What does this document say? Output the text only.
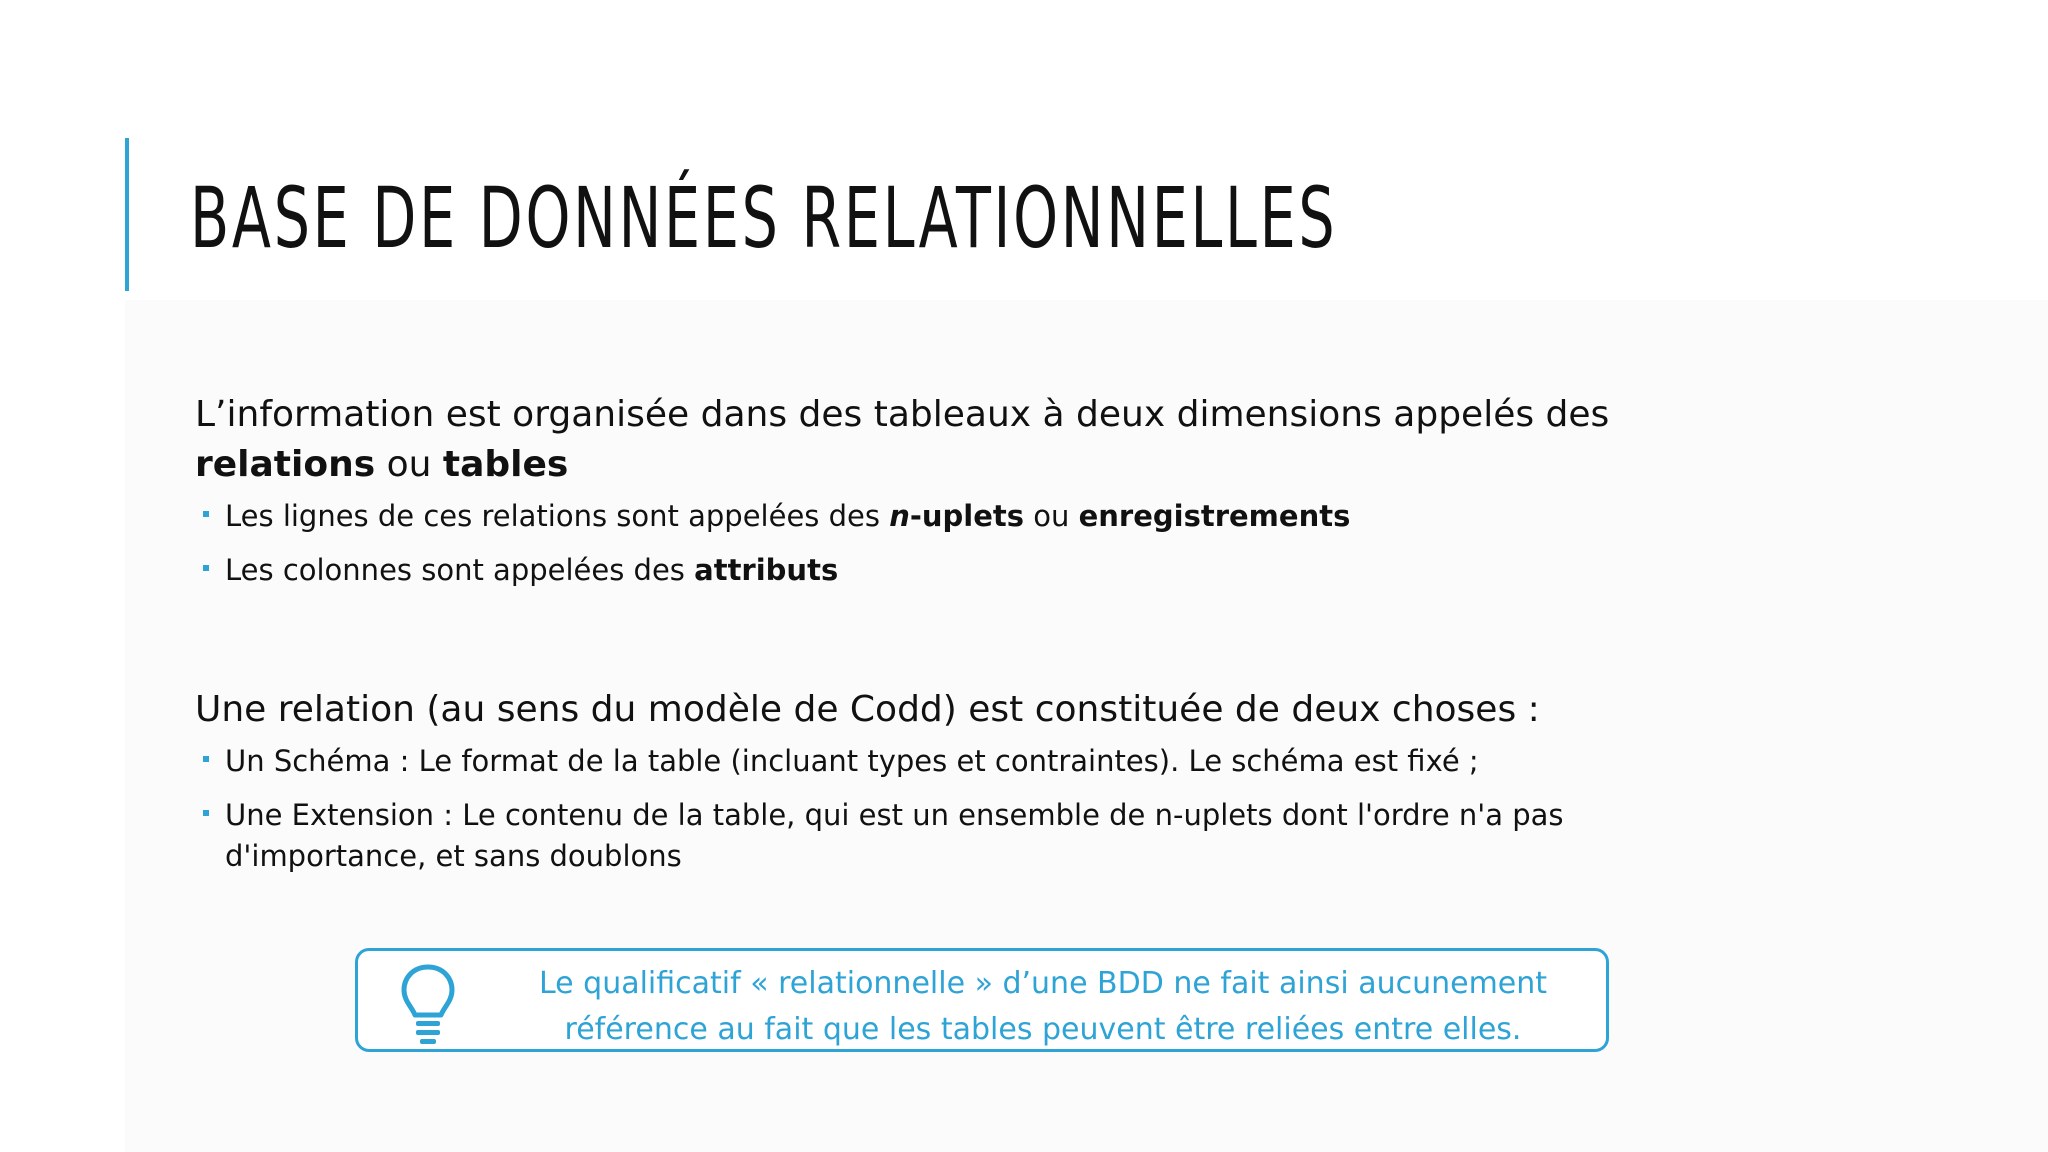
BASE DE DONNÉES RELATIONNELLES

L’information est organisée dans des tableaux à deux dimensions appelés des
relations ou tables

Les lignes de ces relations sont appelées des n-uplets ou enregistrements
Les colonnes sont appelées des attributs

Une relation (au sens du modèle de Codd) est constituée de deux choses :

Un Schéma : Le format de la table (incluant types et contraintes). Le schéma est fixé ;
Une Extension : Le contenu de la table, qui est un ensemble de n-uplets dont l'ordre n'a pas d'importance, et sans doublons
Le qualificatif « relationnelle » d’une BDD ne fait ainsi aucunement
référence au fait que les tables peuvent être reliées entre elles.
